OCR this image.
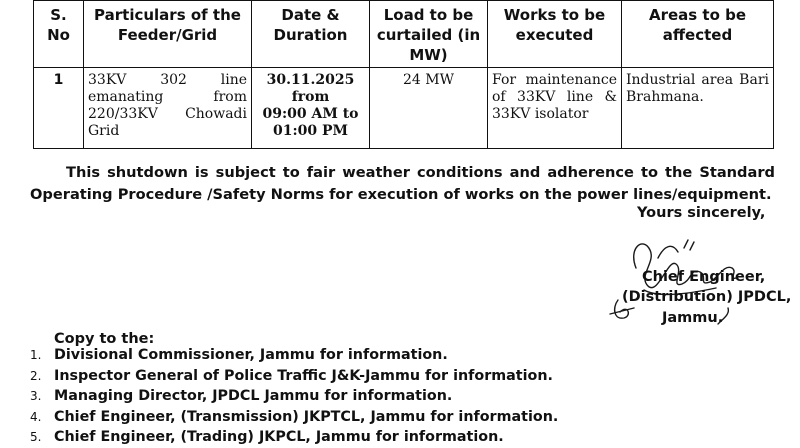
S. No	Particulars of the Feeder/Grid	Date & Duration	Load to be curtailed (in MW)	Works to be executed	Areas to be affected
1	33KV 302 line emanating from 220/33KV Chowadi Grid	30.11.2025
from
09:00 AM to
01:00 PM	24 MW	For maintenance of 33KV line & 33KV isolator	Industrial area Bari Brahmana.
This shutdown is subject to fair weather conditions and adherence to the Standard Operating Procedure /Safety Norms for execution of works on the power lines/equipment.
Yours sincerely,
Chief Engineer,
(Distribution) JPDCL,
Jammu.
Copy to the:
1. Divisional Commissioner, Jammu for information.
2. Inspector General of Police Traffic J&K-Jammu for information.
3. Managing Director, JPDCL Jammu for information.
4. Chief Engineer, (Transmission) JKPTCL, Jammu for information.
5. Chief Engineer, (Trading) JKPCL, Jammu for information.
